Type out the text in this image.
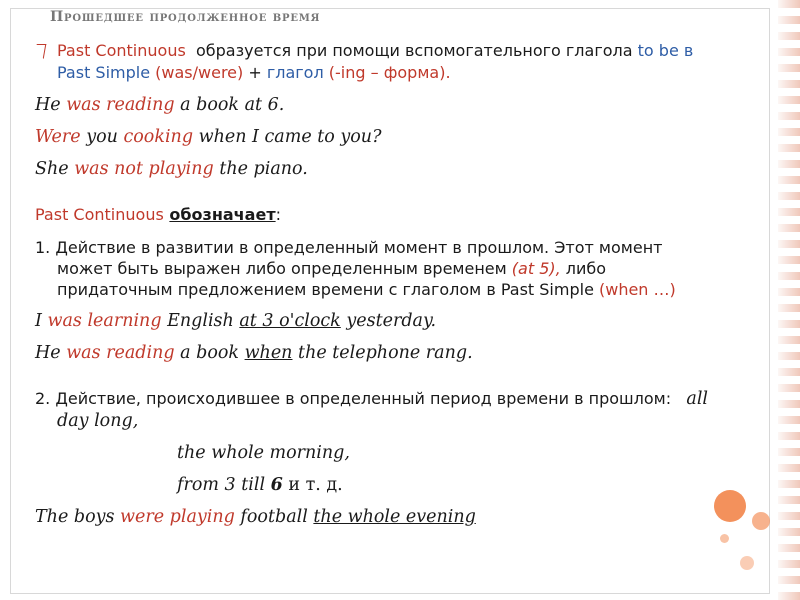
Прошедшее продолженное время
Past Continuous  образуется при помощи вспомогательного глагола to be в Past Simple (was/were) + глагол (-ing – форма).

He was reading a book at 6.

Were you cooking when I came to you?

She was not playing the piano.

Past Continuous обозначает:

1. Действие в развитии в определенный момент в прошлом. Этот момент может быть выражен либо определенным временем (at 5), либо придаточным предложением времени с глаголом в Past Simple (when …)

I was learning English at 3 o'clock yesterday.

He was reading a book when the telephone rang.

2. Действие, происходившее в определенный период времени в прошлом:   all day long,

the whole morning,

from 3 till 6 и т. д.

The boys were playing football the whole evening
